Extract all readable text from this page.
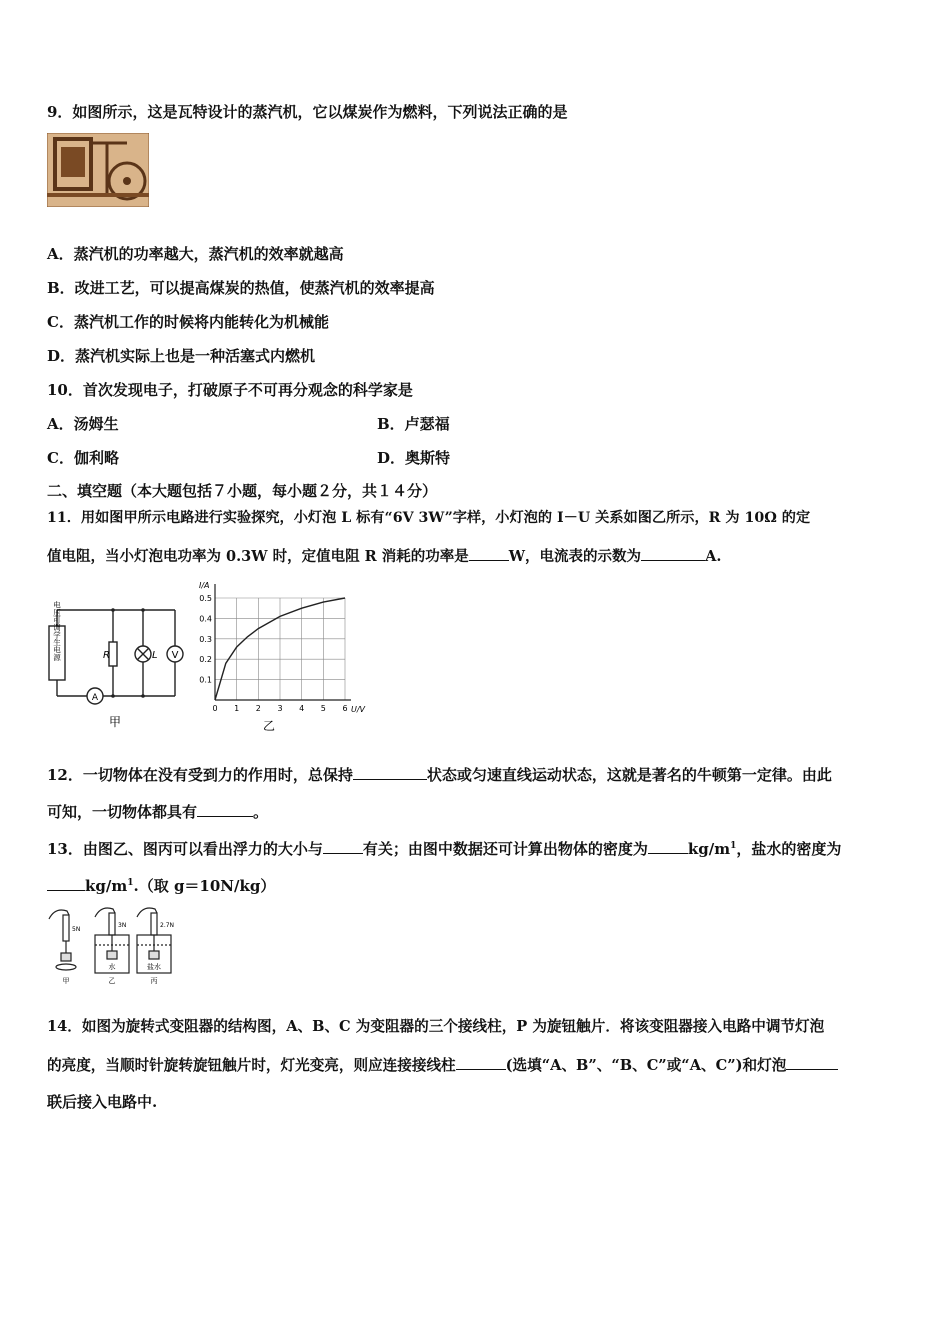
9．如图所示，这是瓦特设计的蒸汽机，它以煤炭作为燃料，下列说法正确的是
A．蒸汽机的功率越大，蒸汽机的效率就越高
B．改进工艺，可以提高煤炭的热值，使蒸汽机的效率提高
C．蒸汽机工作的时候将内能转化为机械能
D．蒸汽机实际上也是一种活塞式内燃机
10．首次发现电子，打破原子不可再分观念的科学家是
A．汤姆生	B．卢瑟福
C．伽利略	D．奥斯特
二、填空题（本大题包括７小题，每小题２分，共１４分）
11．用如图甲所示电路进行实验探究，小灯泡 L 标有“6V 3W”字样，小灯泡的 I－U 关系如图乙所示，R 为 10Ω 的定
值电阻，当小灯泡电功率为 0.3W 时，定值电阻 R 消耗的功率是	W，电流表的示数为	A.
电压可调学生电源	R	L V
A
甲
0 1 2 3 4 5 6
0.1
0.2
0.3
0.4
0.5
I/A
U/V
乙
12．一切物体在没有受到力的作用时，总保持	状态或匀速直线运动状态，这就是著名的牛顿第一定律。由此
可知，一切物体都具有	。
13．由图乙、图丙可以看出浮力的大小与	有关；由图中数据还可计算出物体的密度为	$kg/m^1$，盐水的密度为
$kg/m^1$.（取 g＝10N/kg）
5N
3N	2.7N
水	盐水
甲	乙	丙
14．如图为旋转式变阻器的结构图，A、B、C 为变阻器的三个接线柱，P 为旋钮触片．将该变阻器接入电路中调节灯泡
的亮度，当顺时针旋转旋钮触片时，灯光变亮，则应连接接线柱	(选填“A、B”、“B、C”或“A、C”)和灯泡
联后接入电路中.
